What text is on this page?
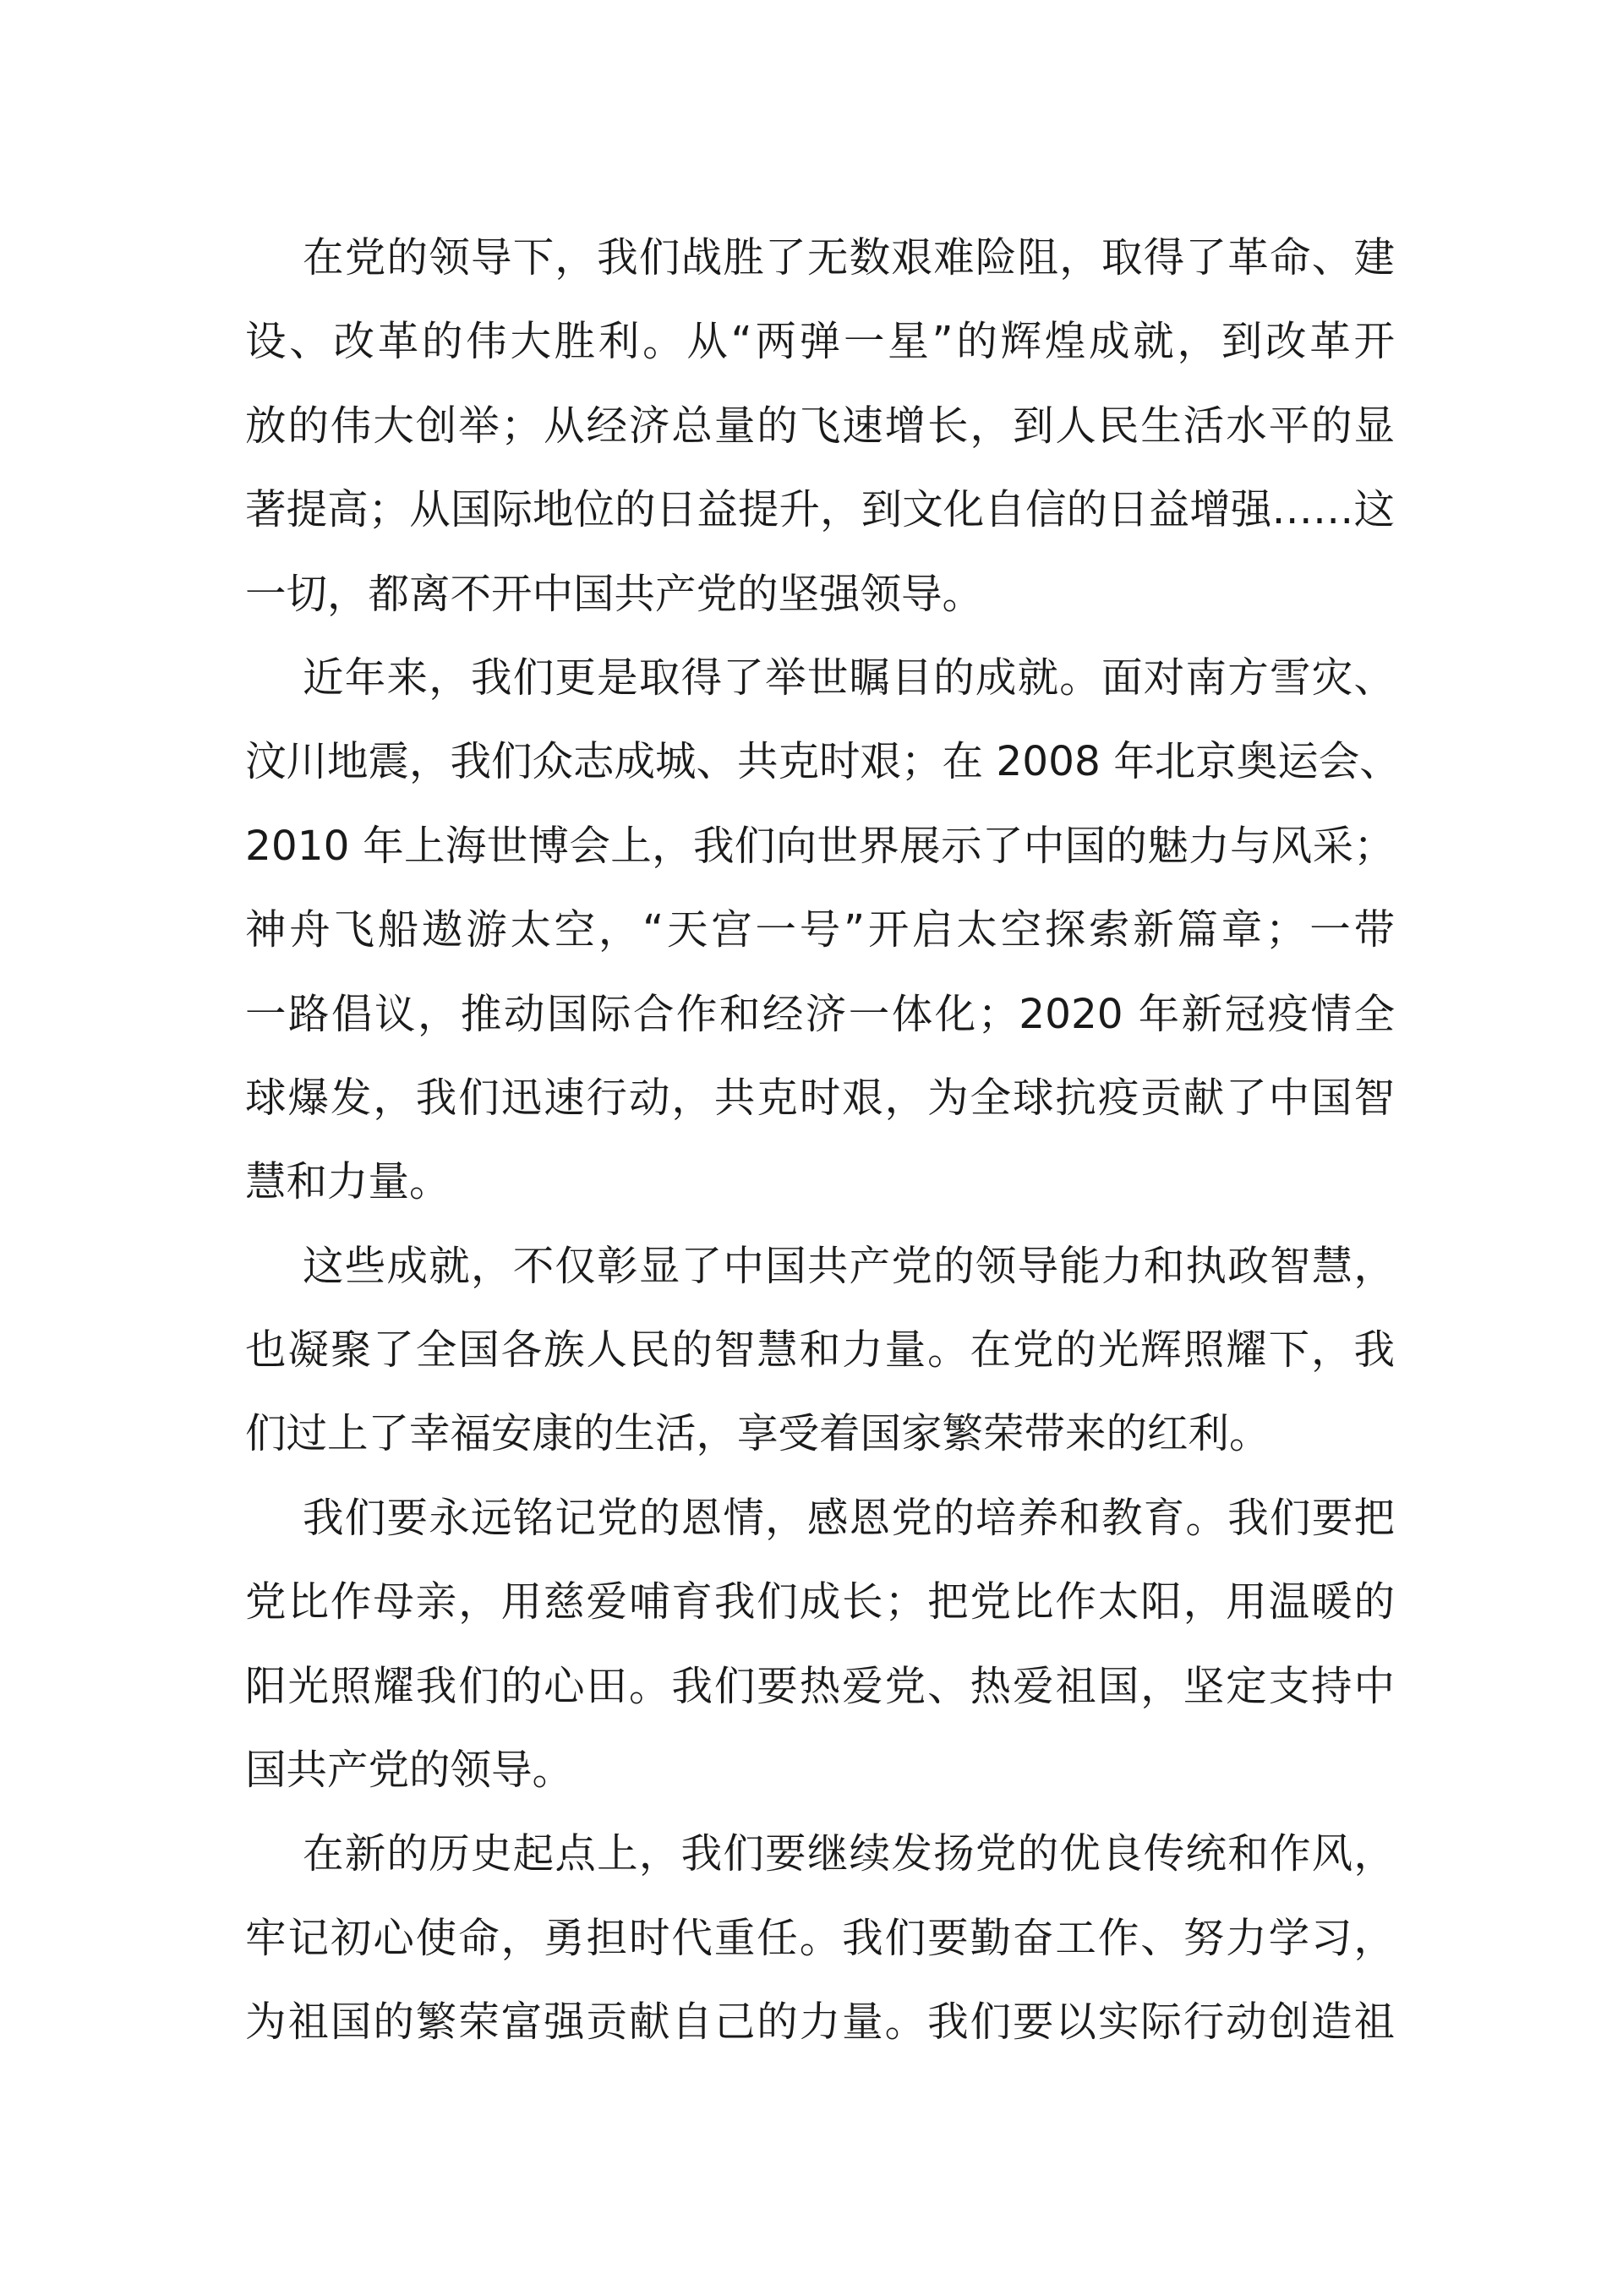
在党的领导下，我们战胜了无数艰难险阻，取得了革命、建

设、改革的伟大胜利。从“两弹一星”的辉煌成就，到改革开

放的伟大创举；从经济总量的飞速增长，到人民生活水平的显

著提高；从国际地位的日益提升，到文化自信的日益增强……这

一切，都离不开中国共产党的坚强领导。

近年来，我们更是取得了举世瞩目的成就。面对南方雪灾、

汶川地震，我们众志成城、共克时艰；在 2008 年北京奥运会、

2010 年上海世博会上，我们向世界展示了中国的魅力与风采；

神舟飞船遨游太空，“天宫一号”开启太空探索新篇章；一带

一路倡议，推动国际合作和经济一体化；2020 年新冠疫情全

球爆发，我们迅速行动，共克时艰，为全球抗疫贡献了中国智

慧和力量。

这些成就，不仅彰显了中国共产党的领导能力和执政智慧，

也凝聚了全国各族人民的智慧和力量。在党的光辉照耀下，我

们过上了幸福安康的生活，享受着国家繁荣带来的红利。

我们要永远铭记党的恩情，感恩党的培养和教育。我们要把

党比作母亲，用慈爱哺育我们成长；把党比作太阳，用温暖的

阳光照耀我们的心田。我们要热爱党、热爱祖国，坚定支持中

国共产党的领导。

在新的历史起点上，我们要继续发扬党的优良传统和作风，

牢记初心使命，勇担时代重任。我们要勤奋工作、努力学习，

为祖国的繁荣富强贡献自己的力量。我们要以实际行动创造祖
